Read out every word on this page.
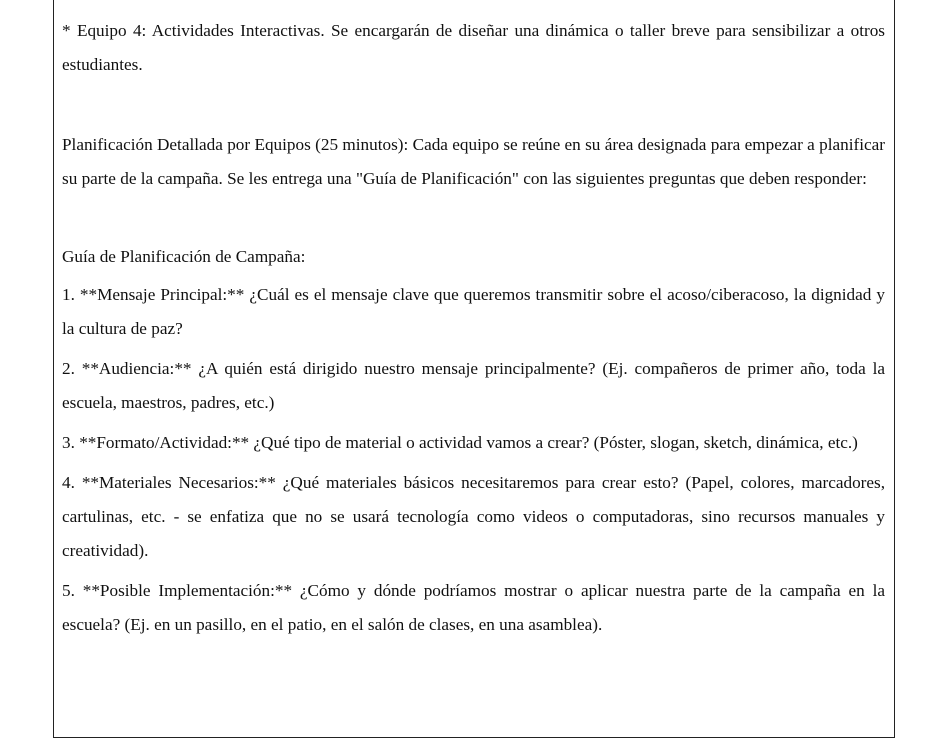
* Equipo 4: Actividades Interactivas. Se encargarán de diseñar una dinámica o taller breve para sensibilizar a otros estudiantes.

Planificación Detallada por Equipos (25 minutos): Cada equipo se reúne en su área designada para empezar a planificar su parte de la campaña. Se les entrega una "Guía de Planificación" con las siguientes preguntas que deben responder:

Guía de Planificación de Campaña:

1. **Mensaje Principal:** ¿Cuál es el mensaje clave que queremos transmitir sobre el acoso/ciberacoso, la dignidad y la cultura de paz?

2. **Audiencia:** ¿A quién está dirigido nuestro mensaje principalmente? (Ej. compañeros de primer año, toda la escuela, maestros, padres, etc.)

3. **Formato/Actividad:** ¿Qué tipo de material o actividad vamos a crear? (Póster, slogan, sketch, dinámica, etc.)

4. **Materiales Necesarios:** ¿Qué materiales básicos necesitaremos para crear esto? (Papel, colores, marcadores, cartulinas, etc. - se enfatiza que no se usará tecnología como videos o computadoras, sino recursos manuales y creatividad).

5. **Posible Implementación:** ¿Cómo y dónde podríamos mostrar o aplicar nuestra parte de la campaña en la escuela? (Ej. en un pasillo, en el patio, en el salón de clases, en una asamblea).
